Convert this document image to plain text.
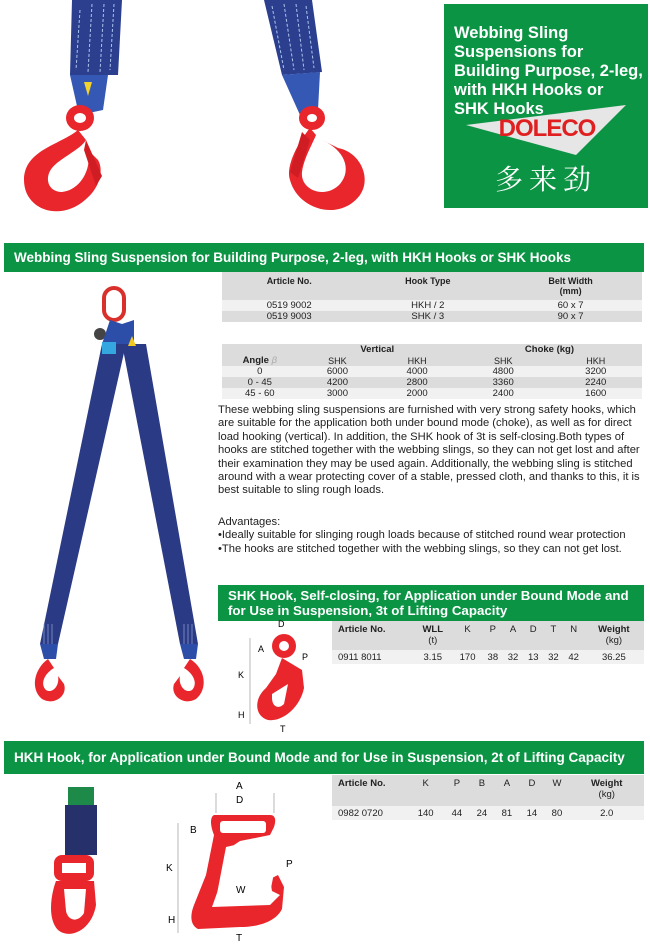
Webbing Sling
Suspensions for
Building Purpose, 2-leg,
with HKH Hooks or
SHK Hooks
DOLECO
多来劲
Webbing Sling Suspension for Building Purpose, 2-leg, with HKH Hooks or SHK Hooks
Article No.	Hook Type	Belt Width
(mm)
0519 9002	HKH / 2	60 x 7
0519 9003	SHK / 3	90 x 7
	Vertical		Choke (kg)	
Angle β	SHK	HKH	SHK	HKH
0	6000	4000	4800	3200
0 - 45	4200	2800	3360	2240
45 - 60	3000	2000	2400	1600
These webbing sling suspensions are furnished with very strong safety hooks, which are suitable for the application both under bound mode (choke), as well as for direct load hooking (vertical). In addition, the SHK hook of 3t is self-closing.Both types of hooks are stitched together with the webbing slings, so they can not get lost and after their examination they may be used again. Additionally, the webbing sling is stitched around with a wear protecting cover of a stable, pressed cloth, and thanks to this, it is best suitable to sling rough loads.
Advantages:
•Ideally suitable for slinging rough loads because of stitched round wear protection
•The hooks are stitched together with the webbing slings, so they can not get lost.
SHK Hook, Self-closing, for Application under Bound Mode and for Use in Suspension, 3t of Lifting Capacity
D
A
K
P
H
T
Article No.	WLL
(t)	K	P	A	D	T	N	Weight
(kg)
0911 8011	3.15	170	38	32	13	32	42	36.25
HKH Hook, for Application under Bound Mode and for Use in Suspension, 2t of Lifting Capacity
A
D
B
K	P
W
H
T
Article No.	K	P	B	A	D	W	Weight
(kg)
0982 0720	140	44	24	81	14	80	2.0
